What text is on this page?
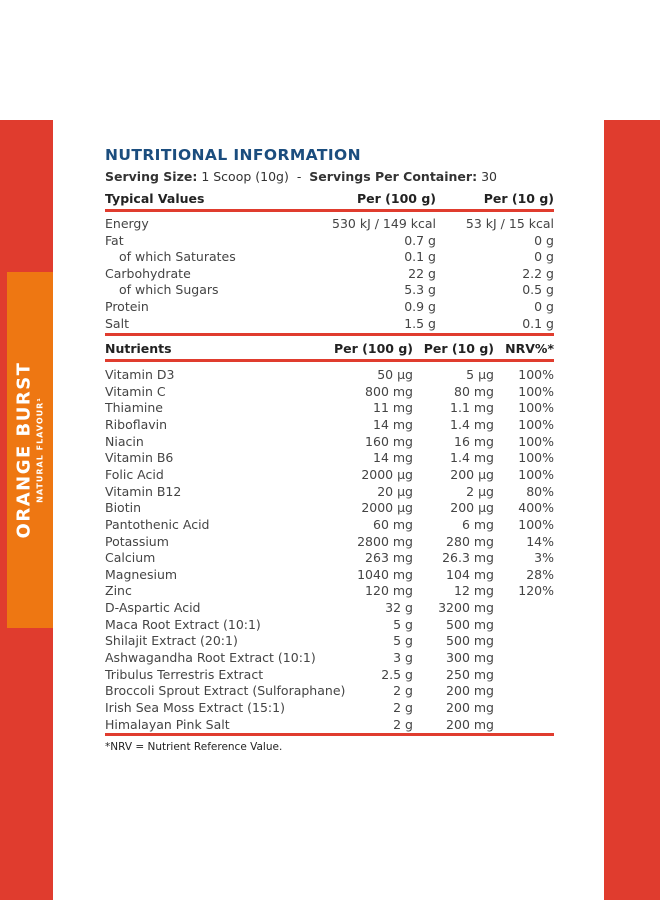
ORANGE BURST NATURAL FLAVOUR¹
NUTRITIONAL INFORMATION
Serving Size: 1 Scoop (10g) - Servings Per Container: 30
Typical Values	Per (100 g)	Per (10 g)
Energy	530 kJ / 149 kcal 53 kJ / 15 kcal
Fat	0.7 g	0 g
of which Saturates	0.1 g	0 g
Carbohydrate	22 g	2.2 g
of which Sugars	5.3 g	0.5 g
Protein	0.9 g	0 g
Salt	1.5 g	0.1 g
Nutrients	Per (100 g) Per (10 g) NRV%*
Vitamin D3	50 µg	5 µg 100%
Vitamin C	800 mg	80 mg 100%
Thiamine	11 mg	1.1 mg 100%
Riboflavin	14 mg	1.4 mg 100%
Niacin	160 mg	16 mg 100%
Vitamin B6	14 mg	1.4 mg 100%
Folic Acid	2000 µg	200 µg 100%
Vitamin B12	20 µg	2 µg	80%
Biotin	2000 µg	200 µg 400%
Pantothenic Acid	60 mg	6 mg 100%
Potassium	2800 mg	280 mg	14%
Calcium	263 mg 26.3 mg	3%
Magnesium	1040 mg	104 mg	28%
Zinc	120 mg	12 mg 120%
D-Aspartic Acid	32 g 3200 mg
Maca Root Extract (10:1)	5 g	500 mg
Shilajit Extract (20:1)	5 g	500 mg
Ashwagandha Root Extract (10:1)	3 g	300 mg
Tribulus Terrestris Extract	2.5 g	250 mg
Broccoli Sprout Extract (Sulforaphane)	2 g	200 mg
Irish Sea Moss Extract (15:1)	2 g	200 mg
Himalayan Pink Salt	2 g	200 mg
*NRV = Nutrient Reference Value.
